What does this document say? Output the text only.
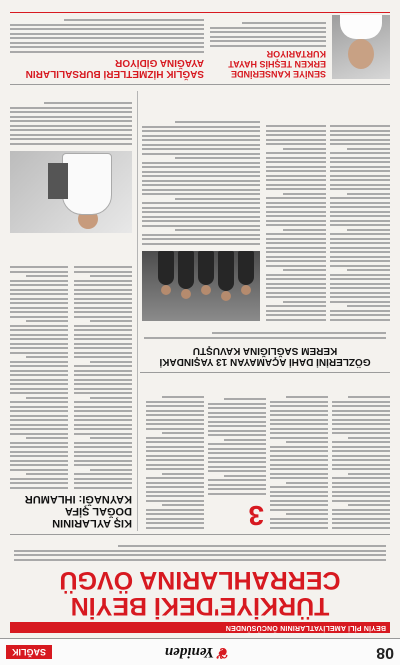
08
❦ Yeniden
SAĞLIK
BEYİN PİLİ AMELİYATLARININ ÖNCÜSÜNDEN
TÜRKİYE'DEKİ BEYİN CERRAHLARINA ÖVGÜ
3
KIŞ AYLARININ DOĞAL ŞİFA KAYNAĞI: IHLAMUR
GÖZLERİNİ DAHİ AÇAMAYAN 13 YAŞINDAKİ KEREM SAĞLIĞINA KAVUŞTU
SAĞLIK HİZMETLERİ BURSALILARIN AYAĞINA GİDİYOR
SENİYE KANSERİNDE ERKEN TEŞHİS HAYAT KURTARIYOR
